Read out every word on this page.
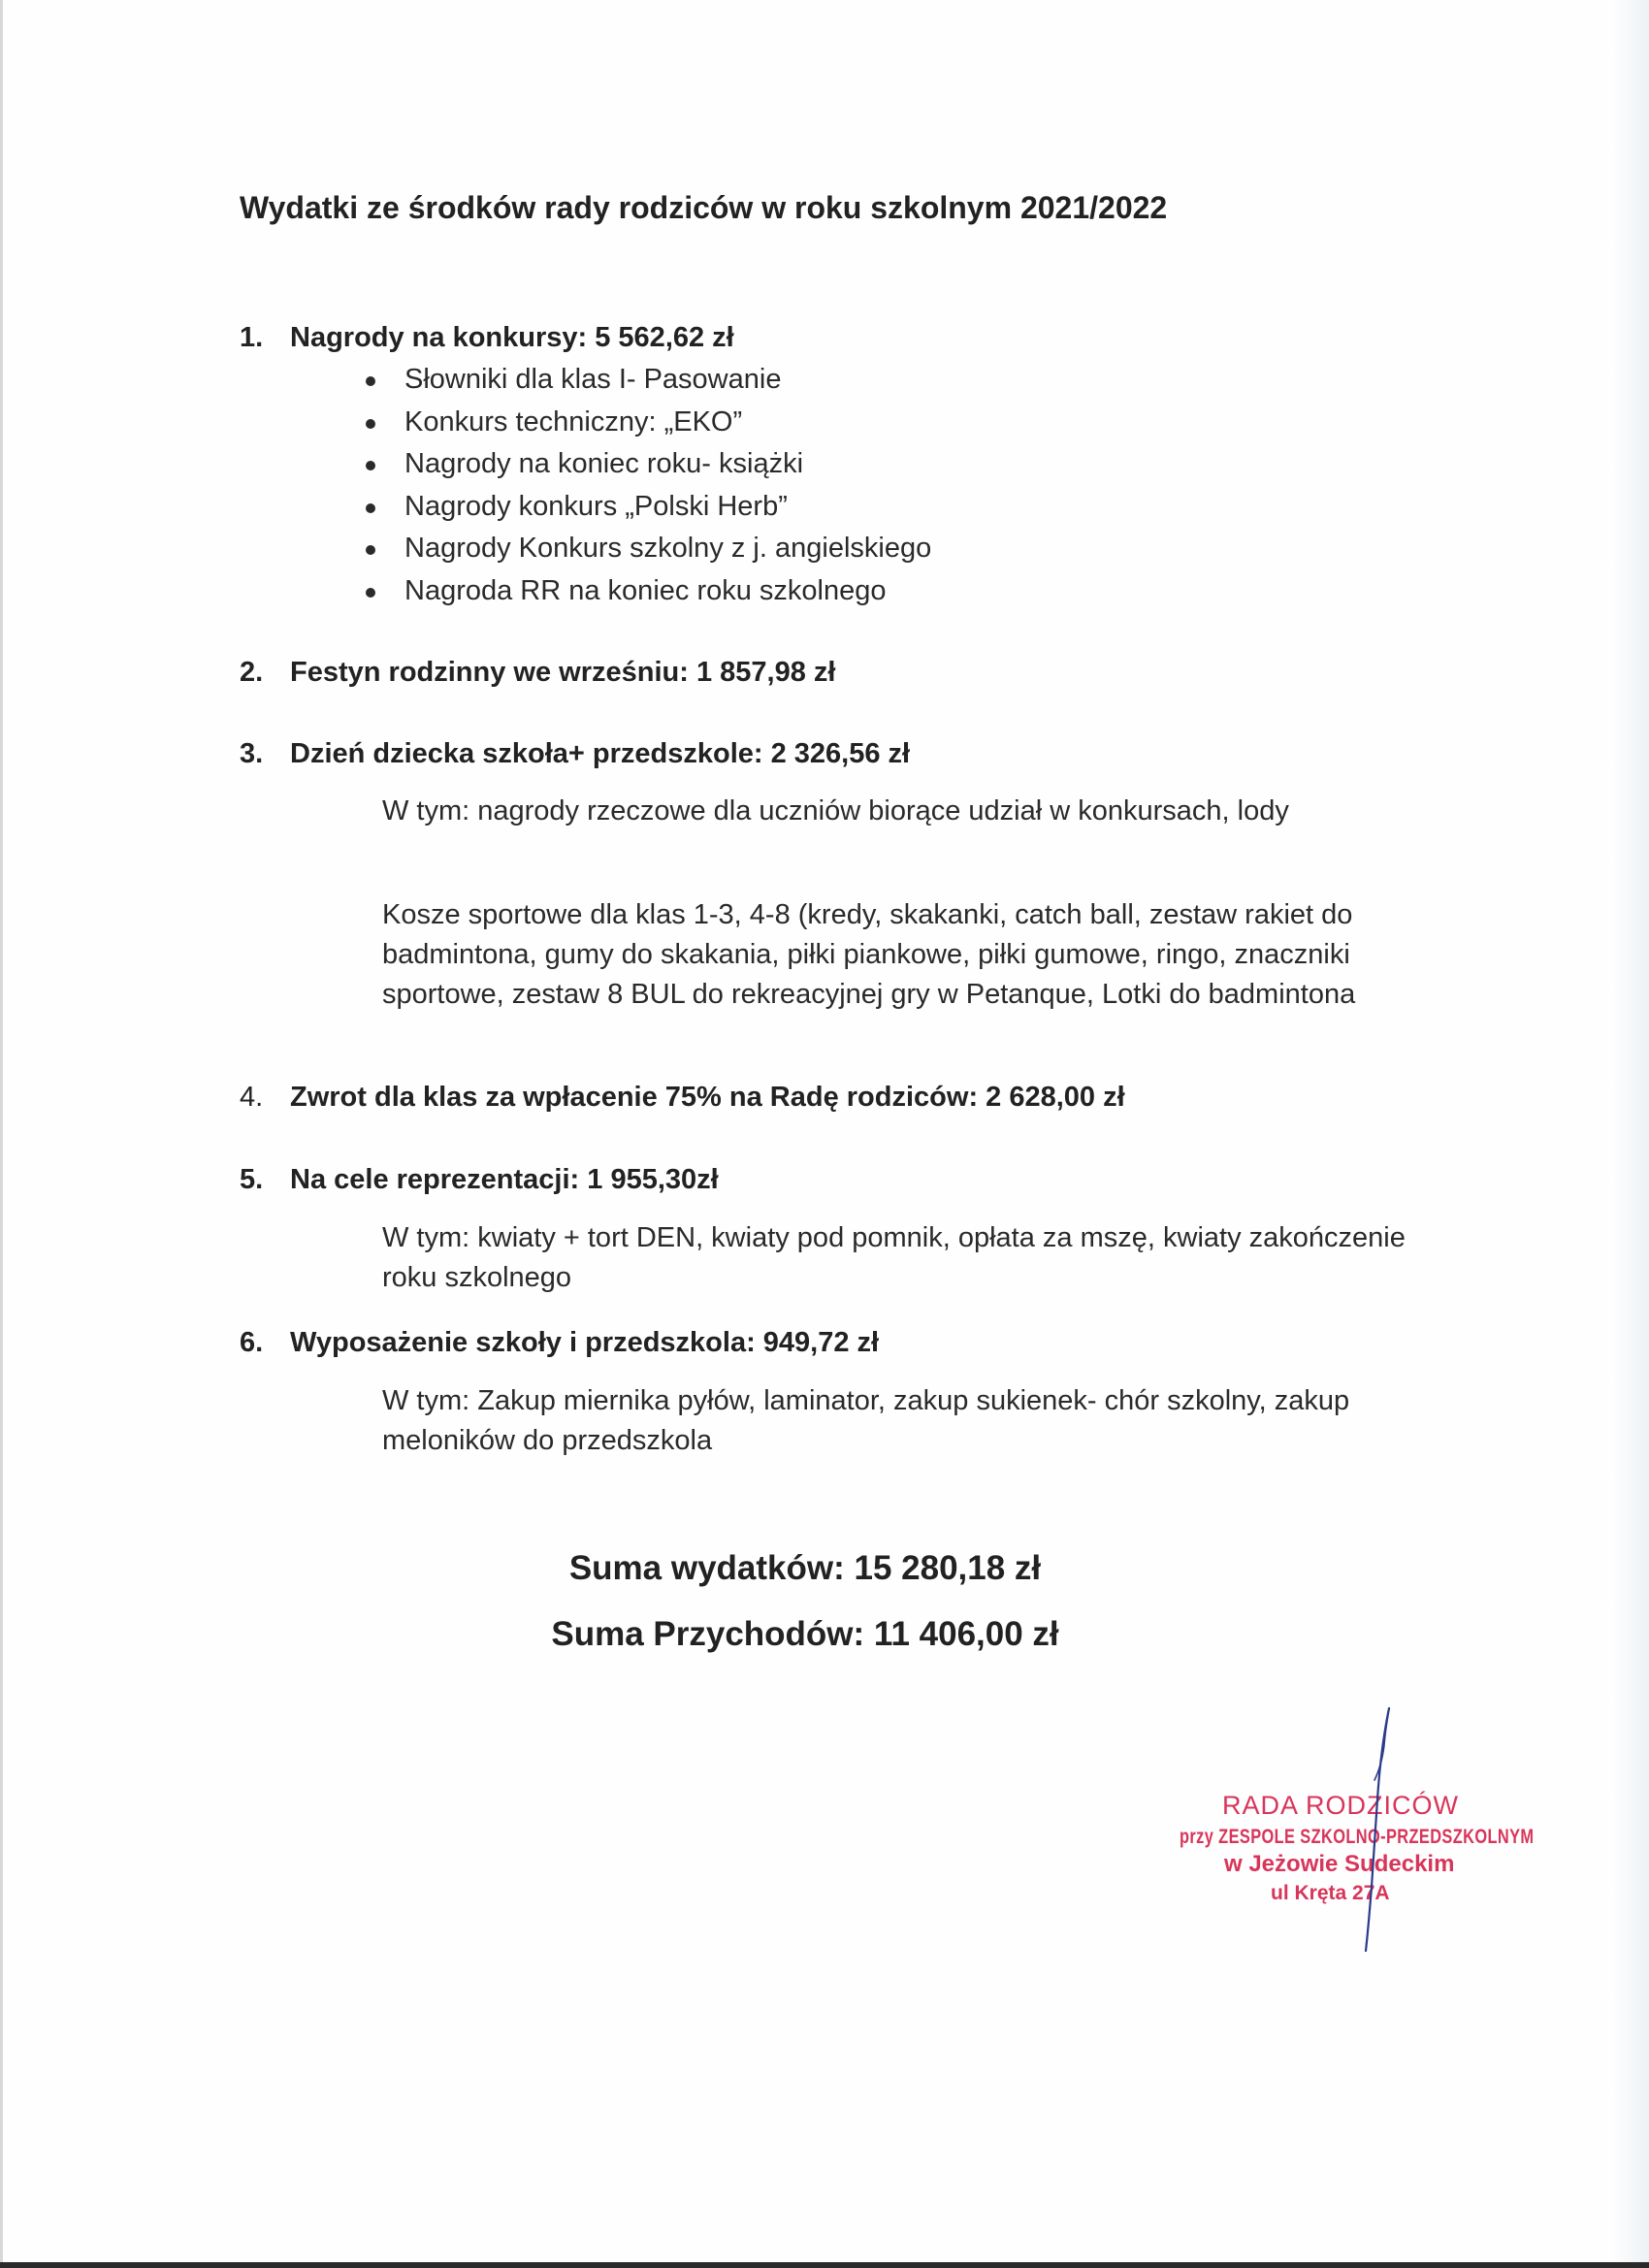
Wydatki ze środków rady rodziców w roku szkolnym 2021/2022
1. Nagrody na konkursy: 5 562,62 zł
Słowniki dla klas I- Pasowanie
Konkurs techniczny: „EKO”
Nagrody na koniec roku- książki
Nagrody konkurs „Polski Herb”
Nagrody Konkurs szkolny z j. angielskiego
Nagroda RR na koniec roku szkolnego
2. Festyn rodzinny we wrześniu: 1 857,98 zł
3. Dzień dziecka szkoła+ przedszkole: 2 326,56 zł
W tym: nagrody rzeczowe dla uczniów biorące udział w konkursach, lody
Kosze sportowe dla klas 1-3, 4-8 (kredy, skakanki, catch ball, zestaw rakiet do badmintona, gumy do skakania, piłki piankowe, piłki gumowe, ringo, znaczniki sportowe, zestaw 8 BUL do rekreacyjnej gry w Petanque, Lotki do badmintona
4. Zwrot dla klas za wpłacenie 75% na Radę rodziców: 2 628,00 zł
5. Na cele reprezentacji: 1 955,30zł
W tym: kwiaty + tort DEN, kwiaty pod pomnik, opłata za mszę, kwiaty zakończenie roku szkolnego
6. Wyposażenie szkoły i przedszkola: 949,72 zł
W tym: Zakup miernika pyłów, laminator, zakup sukienek- chór szkolny, zakup meloników do przedszkola
Suma wydatków: 15 280,18 zł
Suma Przychodów: 11 406,00 zł
RADA RODZICÓW
przy ZESPOLE SZKOLNO-PRZEDSZKOLNYM
w Jeżowie Sudeckim
ul Kręta 27A
